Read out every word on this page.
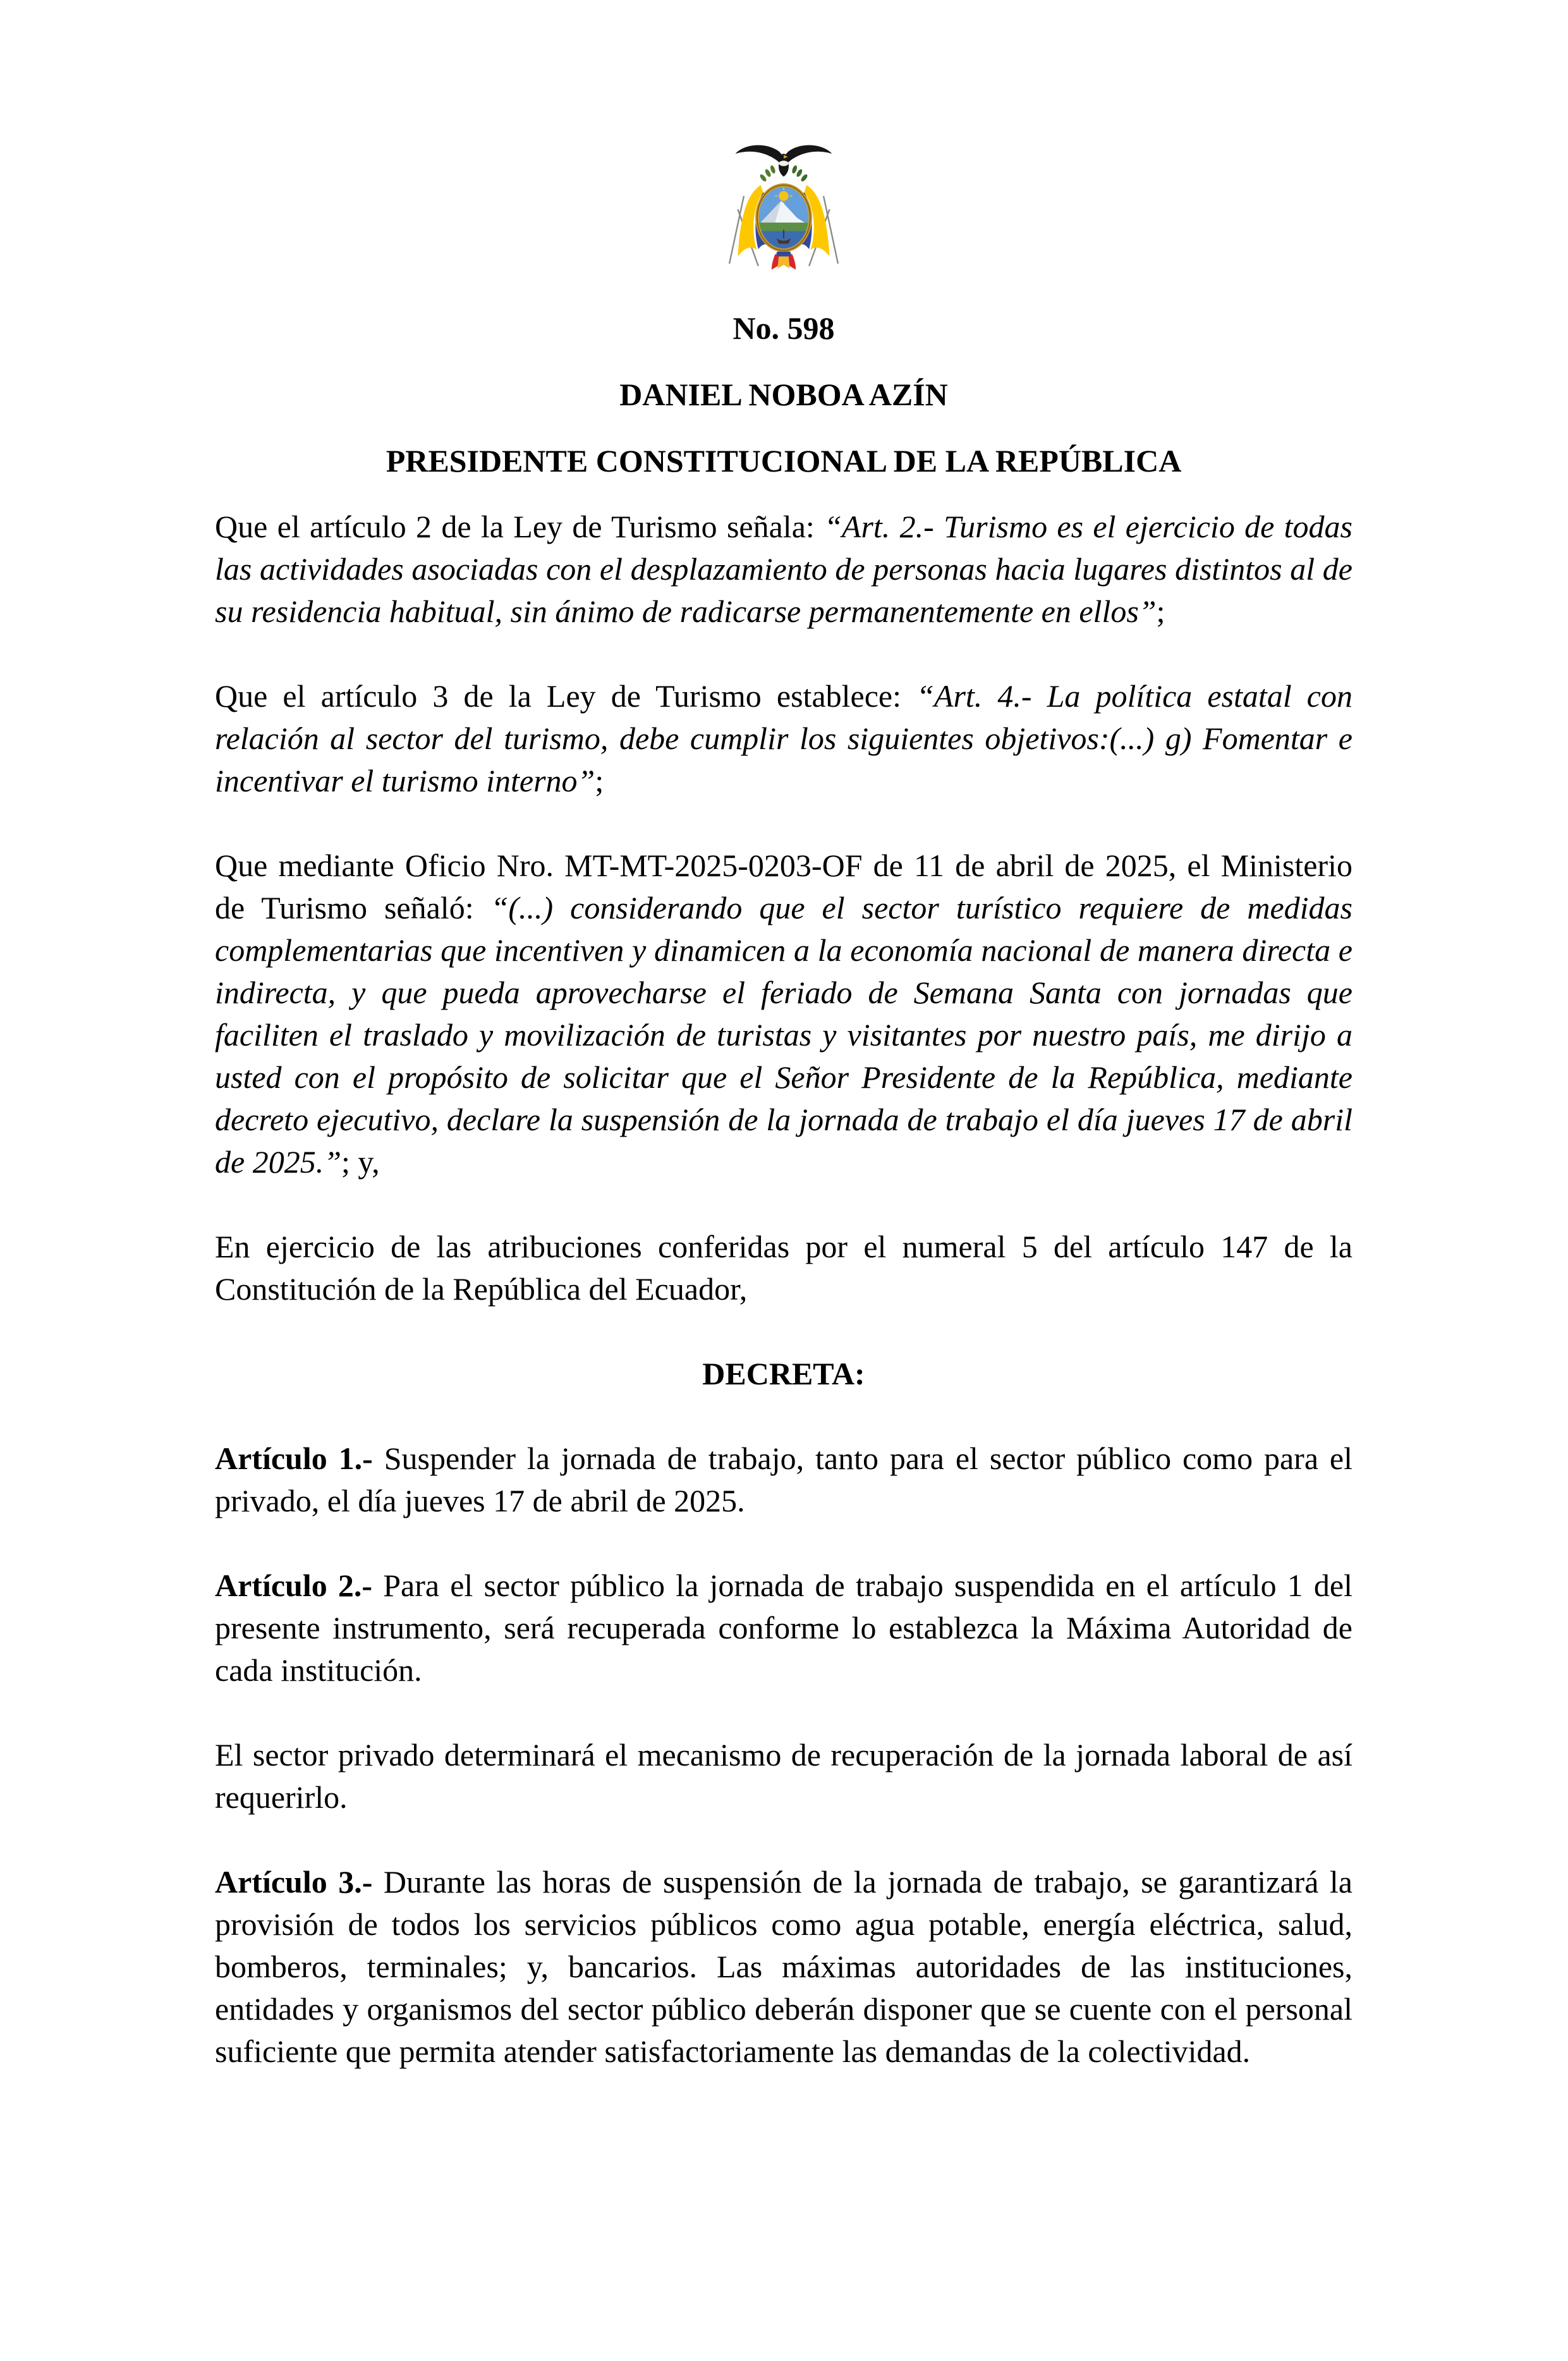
No. 598

DANIEL NOBOA AZÍN

PRESIDENTE CONSTITUCIONAL DE LA REPÚBLICA

Que el artículo 2 de la Ley de Turismo señala: “Art. 2.- Turismo es el ejercicio de todas las actividades asociadas con el desplazamiento de personas hacia lugares distintos al de su residencia habitual, sin ánimo de radicarse permanentemente en ellos”;

Que el artículo 3 de la Ley de Turismo establece: “Art. 4.- La política estatal con relación al sector del turismo, debe cumplir los siguientes objetivos:(...) g) Fomentar e incentivar el turismo interno”;

Que mediante Oficio Nro. MT-MT-2025-0203-OF de 11 de abril de 2025, el Ministerio de Turismo señaló: “(...) considerando que el sector turístico requiere de medidas complementarias que incentiven y dinamicen a la economía nacional de manera directa e indirecta, y que pueda aprovecharse el feriado de Semana Santa con jornadas que faciliten el traslado y movilización de turistas y visitantes por nuestro país, me dirijo a usted con el propósito de solicitar que el Señor Presidente de la República, mediante decreto ejecutivo, declare la suspensión de la jornada de trabajo el día jueves 17 de abril de 2025.”; y,

En ejercicio de las atribuciones conferidas por el numeral 5 del artículo 147 de la Constitución de la República del Ecuador,

DECRETA:

Artículo 1.- Suspender la jornada de trabajo, tanto para el sector público como para el privado, el día jueves 17 de abril de 2025.

Artículo 2.- Para el sector público la jornada de trabajo suspendida en el artículo 1 del presente instrumento, será recuperada conforme lo establezca la Máxima Autoridad de cada institución.

El sector privado determinará el mecanismo de recuperación de la jornada laboral de así requerirlo.

Artículo 3.- Durante las horas de suspensión de la jornada de trabajo, se garantizará la provisión de todos los servicios públicos como agua potable, energía eléctrica, salud, bomberos, terminales; y, bancarios. Las máximas autoridades de las instituciones, entidades y organismos del sector público deberán disponer que se cuente con el personal suficiente que permita atender satisfactoriamente las demandas de la colectividad.
